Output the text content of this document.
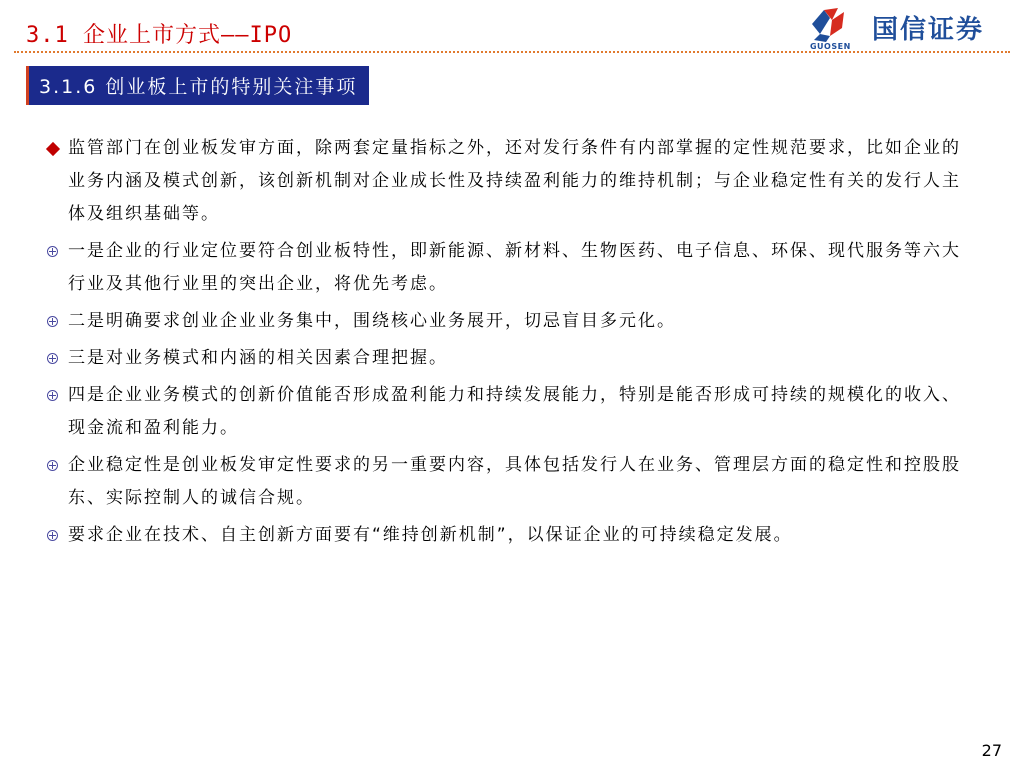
3.1 企业上市方式——IPO	GUOSEN
国信证券
3.1.6 创业板上市的特别关注事项
监管部门在创业板发审方面，除两套定量指标之外，还对发行条件有内部掌握的定性规范要求，比如企业的业务内涵及模式创新，该创新机制对企业成长性及持续盈利能力的维持机制；与企业稳定性有关的发行人主体及组织基础等。
一是企业的行业定位要符合创业板特性，即新能源、新材料、生物医药、电子信息、环保、现代服务等六大行业及其他行业里的突出企业，将优先考虑。
二是明确要求创业企业业务集中，围绕核心业务展开，切忌盲目多元化。
三是对业务模式和内涵的相关因素合理把握。
四是企业业务模式的创新价值能否形成盈利能力和持续发展能力，特别是能否形成可持续的规模化的收入、现金流和盈利能力。
企业稳定性是创业板发审定性要求的另一重要内容，具体包括发行人在业务、管理层方面的稳定性和控股股东、实际控制人的诚信合规。
要求企业在技术、自主创新方面要有“维持创新机制”，以保证企业的可持续稳定发展。
27
